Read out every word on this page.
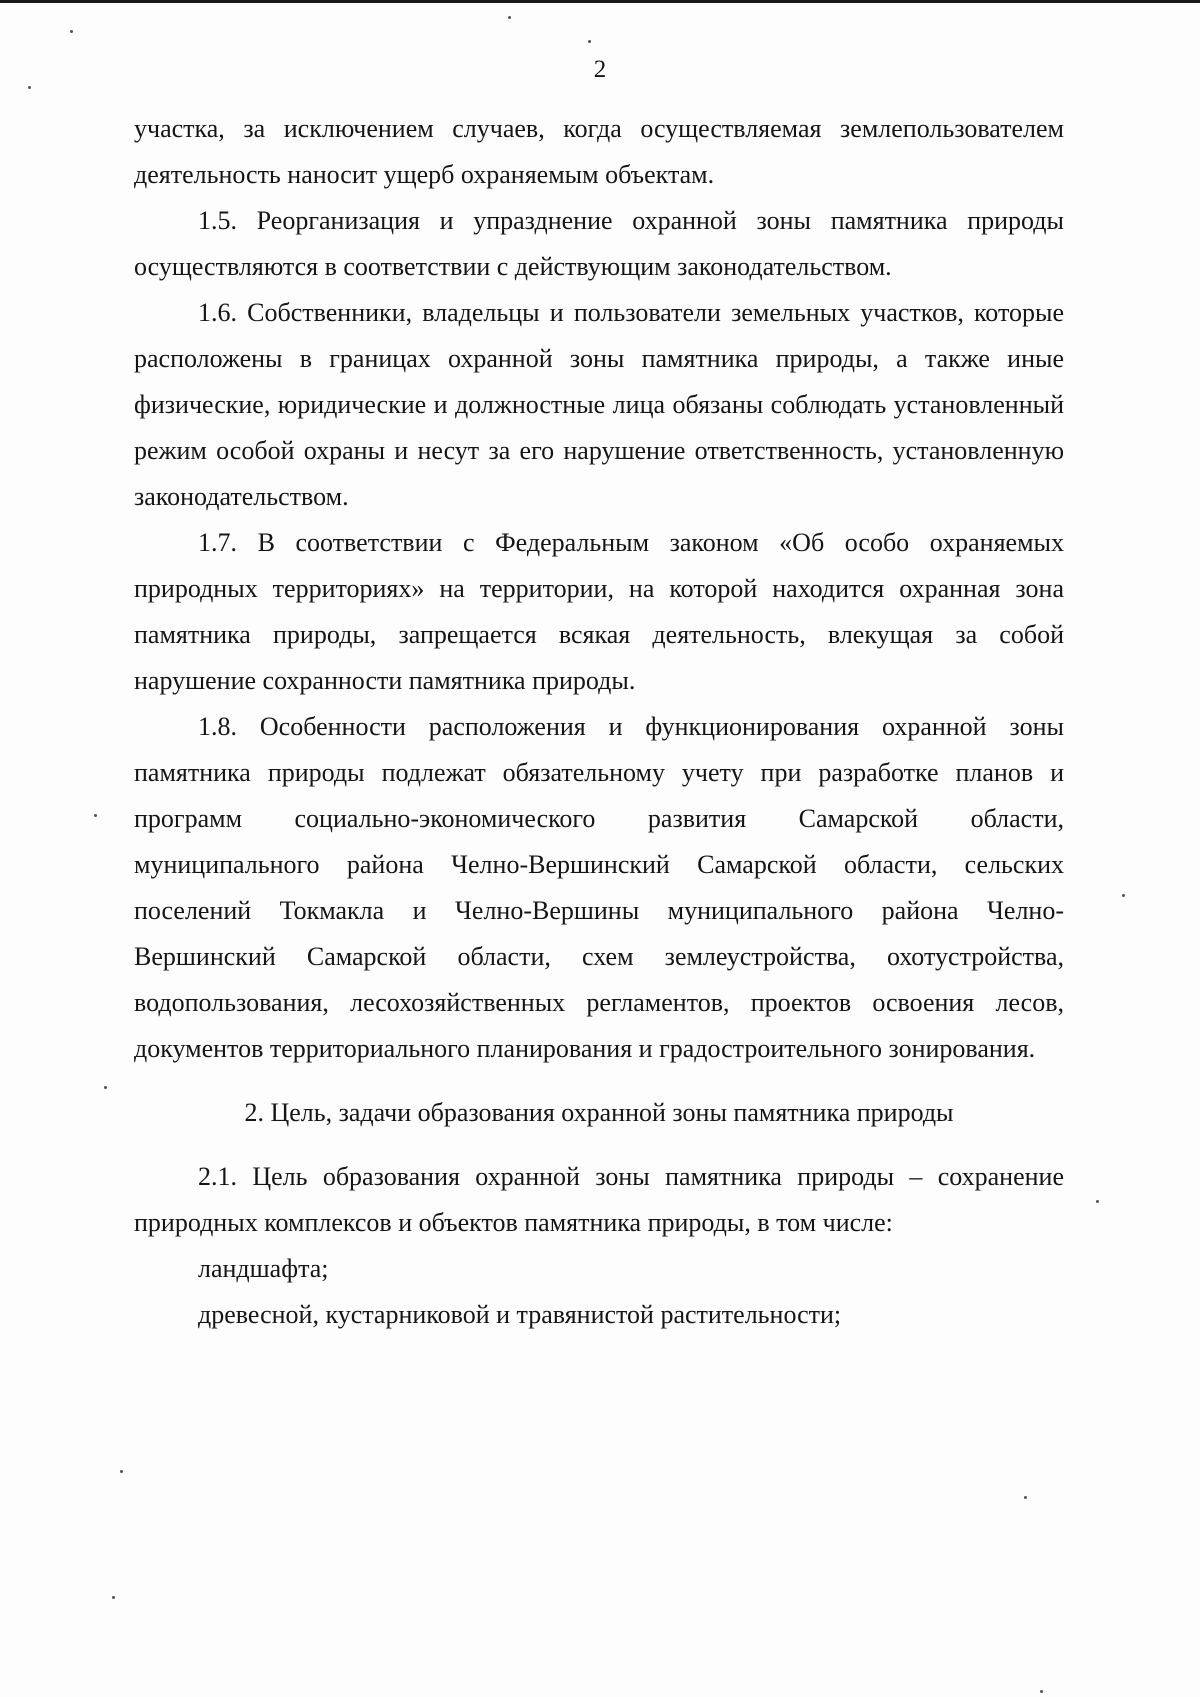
2

участка, за исключением случаев, когда осуществляемая землепользователем деятельность наносит ущерб охраняемым объектам.

1.5. Реорганизация и упразднение охранной зоны памятника природы осуществляются в соответствии с действующим законодательством.

1.6. Собственники, владельцы и пользователи земельных участков, которые расположены в границах охранной зоны памятника природы, а также иные физические, юридические и должностные лица обязаны соблюдать установленный режим особой охраны и несут за его нарушение ответственность, установленную законодательством.

1.7. В соответствии с Федеральным законом «Об особо охраняемых природных территориях» на территории, на которой находится охранная зона памятника природы, запрещается всякая деятельность, влекущая за собой нарушение сохранности памятника природы.

1.8. Особенности расположения и функционирования охранной зоны памятника природы подлежат обязательному учету при разработке планов и программ социально-экономического развития Самарской области, муниципального района Челно-Вершинский Самарской области, сельских поселений Токмакла и Челно-Вершины муниципального района Челно-Вершинский Самарской области, схем землеустройства, охотустройства, водопользования, лесохозяйственных регламентов, проектов освоения лесов, документов территориального планирования и градостроительного зонирования.

2. Цель, задачи образования охранной зоны памятника природы

2.1. Цель образования охранной зоны памятника природы – сохранение природных комплексов и объектов памятника природы, в том числе:

ландшафта;

древесной, кустарниковой и травянистой растительности;
